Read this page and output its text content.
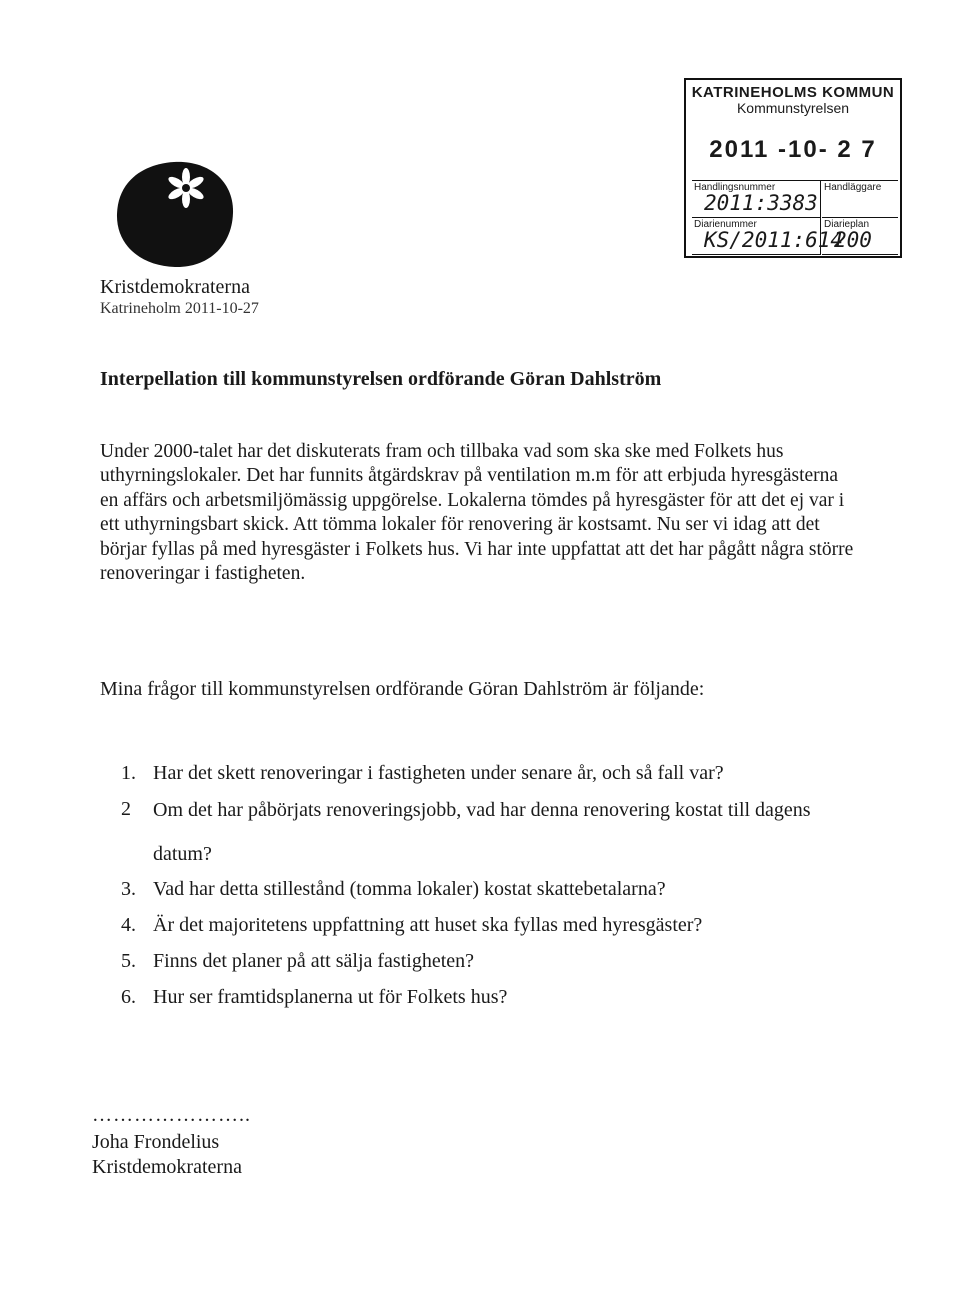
KATRINEHOLMS KOMMUN
Kommunstyrelsen
2011 -10- 2 7
Handlingsnummer
2011:3383
Handläggare
Diarienummer
KS/2011:614
Diarieplan
200
Kristdemokraterna
Katrineholm 2011-10-27
Interpellation till kommunstyrelsen ordförande Göran Dahlström

Under 2000-talet har det diskuterats fram och tillbaka vad som ska ske med Folkets hus uthyrningslokaler. Det har funnits åtgärdskrav på ventilation m.m för att erbjuda hyresgästerna en affärs och arbetsmiljömässig uppgörelse. Lokalerna tömdes på hyresgäster för att det ej var i ett uthyrningsbart skick. Att tömma lokaler för renovering är kostsamt. Nu ser vi idag att det börjar fyllas på med hyresgäster i Folkets hus. Vi har inte uppfattat att det har pågått några större renoveringar i fastigheten.

Mina frågor till kommunstyrelsen ordförande Göran Dahlström är följande:

1. Har det skett renoveringar i fastigheten under senare år, och så fall var?
2	Om det har påbörjats renoveringsjobb, vad har denna renovering kostat till dagens datum?
3. Vad har detta stillestånd (tomma lokaler) kostat skattebetalarna?
4. Är det majoritetens uppfattning att huset ska fyllas med hyresgäster?
5. Finns det planer på att sälja fastigheten?
6. Hur ser framtidsplanerna ut för Folkets hus?
…………………..
Joha Frondelius
Kristdemokraterna
